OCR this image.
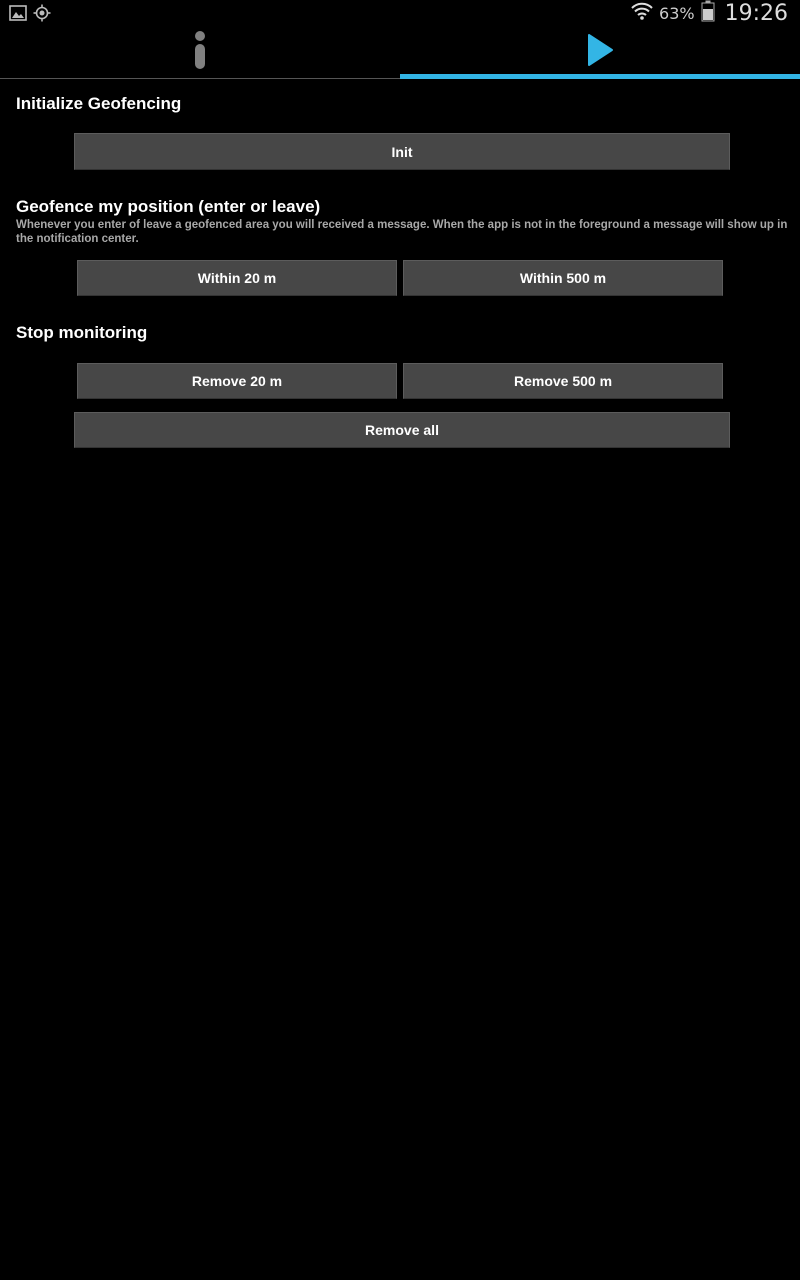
63% 19:26
Initialize Geofencing
Init
Geofence my position (enter or leave)
Whenever you enter of leave a geofenced area you will received a message. When the app is not in the foreground a message will show up in the notification center.
Within 20 m	Within 500 m
Stop monitoring
Remove 20 m	Remove 500 m
Remove all
